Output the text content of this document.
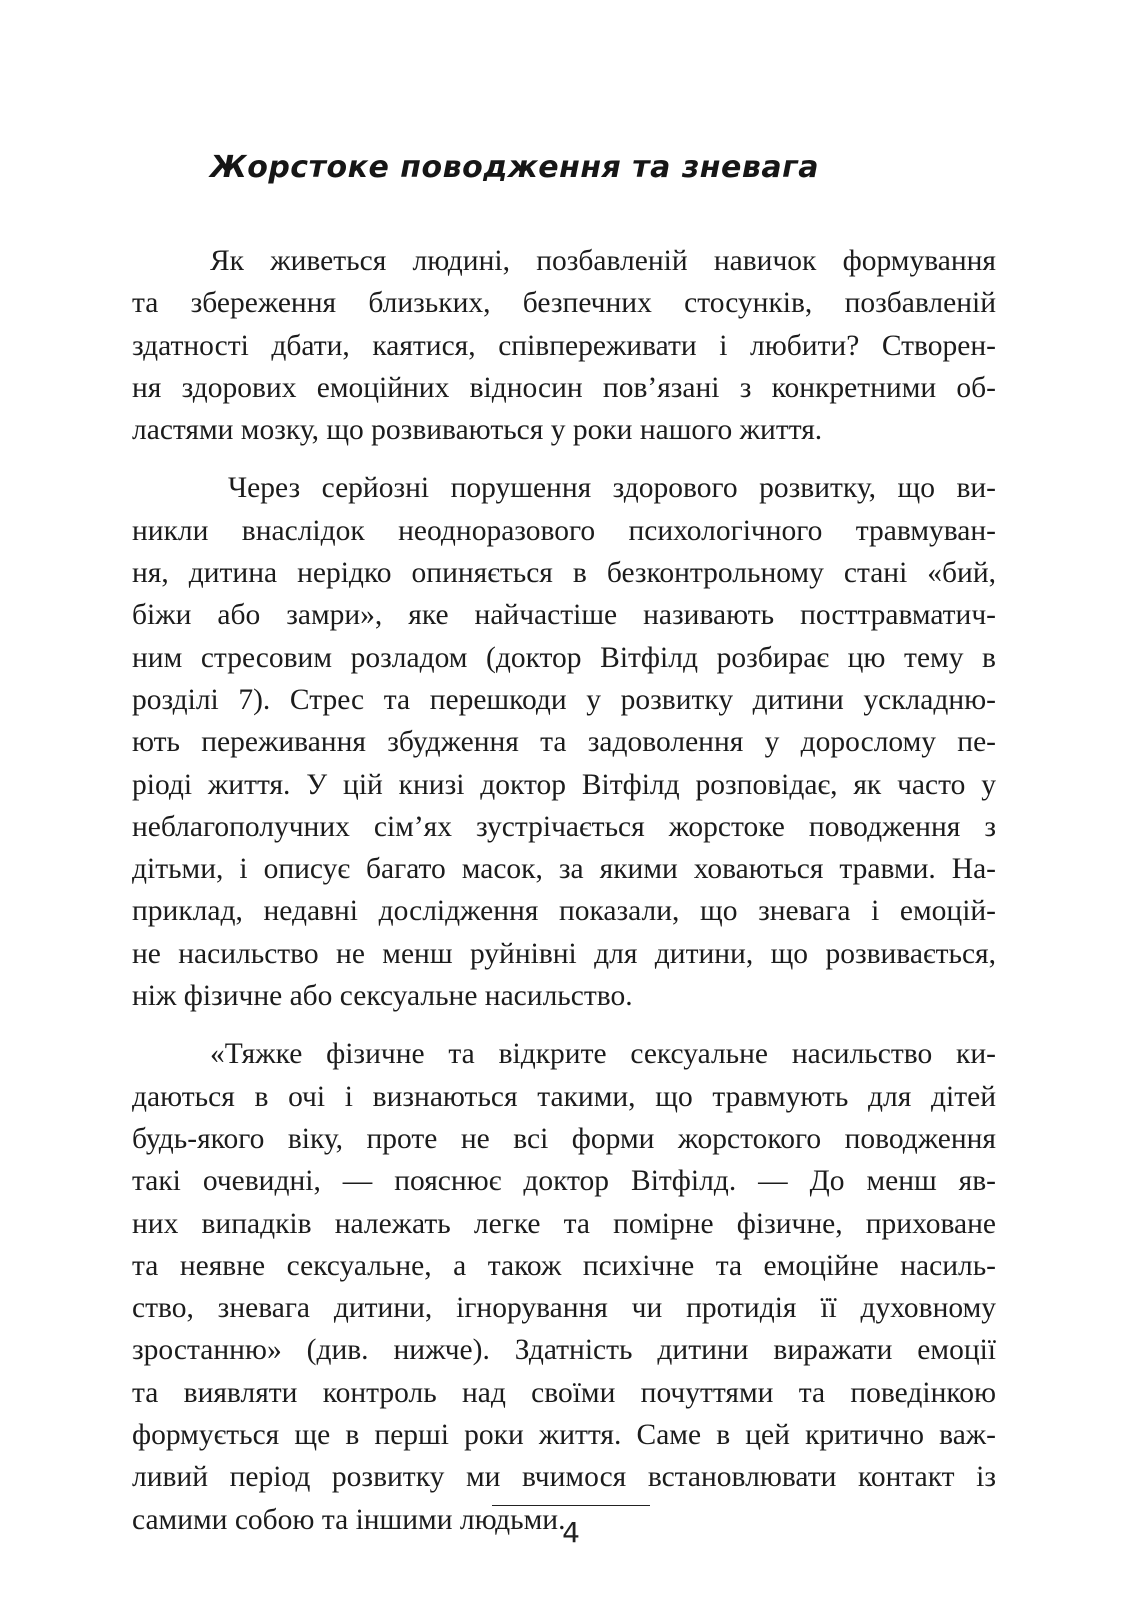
Жорстоке поводження та зневага

Як живеться людині, позбавленій навичок формування
та збереження близьких, безпечних стосунків, позбавленій
здатності дбати, каятися, співпереживати і любити? Створен-
ня здорових емоційних відносин пов’язані з конкретними об-
ластями мозку, що розвиваються у роки нашого життя.

Через серйозні порушення здорового розвитку, що ви-
никли внаслідок неодноразового психологічного травмуван-
ня, дитина нерідко опиняється в безконтрольному стані «бий,
біжи або замри», яке найчастіше називають посттравматич-
ним стресовим розладом (доктор Вітфілд розбирає цю тему в
розділі 7). Стрес та перешкоди у розвитку дитини ускладню-
ють переживання збудження та задоволення у дорослому пе-
ріоді життя. У цій книзі доктор Вітфілд розповідає, як часто у
неблагополучних сім’ях зустрічається жорстоке поводження з
дітьми, і описує багато масок, за якими ховаються травми. На-
приклад, недавні дослідження показали, що зневага і емоцій-
не насильство не менш руйнівні для дитини, що розвивається,
ніж фізичне або сексуальне насильство.

«Тяжке фізичне та відкрите сексуальне насильство ки-
даються в очі і визнаються такими, що травмують для дітей
будь-якого віку, проте не всі форми жорстокого поводження
такі очевидні, — пояснює доктор Вітфілд. — До менш яв-
них випадків належать легке та помірне фізичне, приховане
та неявне сексуальне, а також психічне та емоційне насиль-
ство, зневага дитини, ігнорування чи протидія її духовному
зростанню» (див. нижче). Здатність дитини виражати емоції
та виявляти контроль над своїми почуттями та поведінкою
формується ще в перші роки життя. Саме в цей критично важ-
ливий період розвитку ми вчимося встановлювати контакт із
самими собою та іншими людьми.

4
